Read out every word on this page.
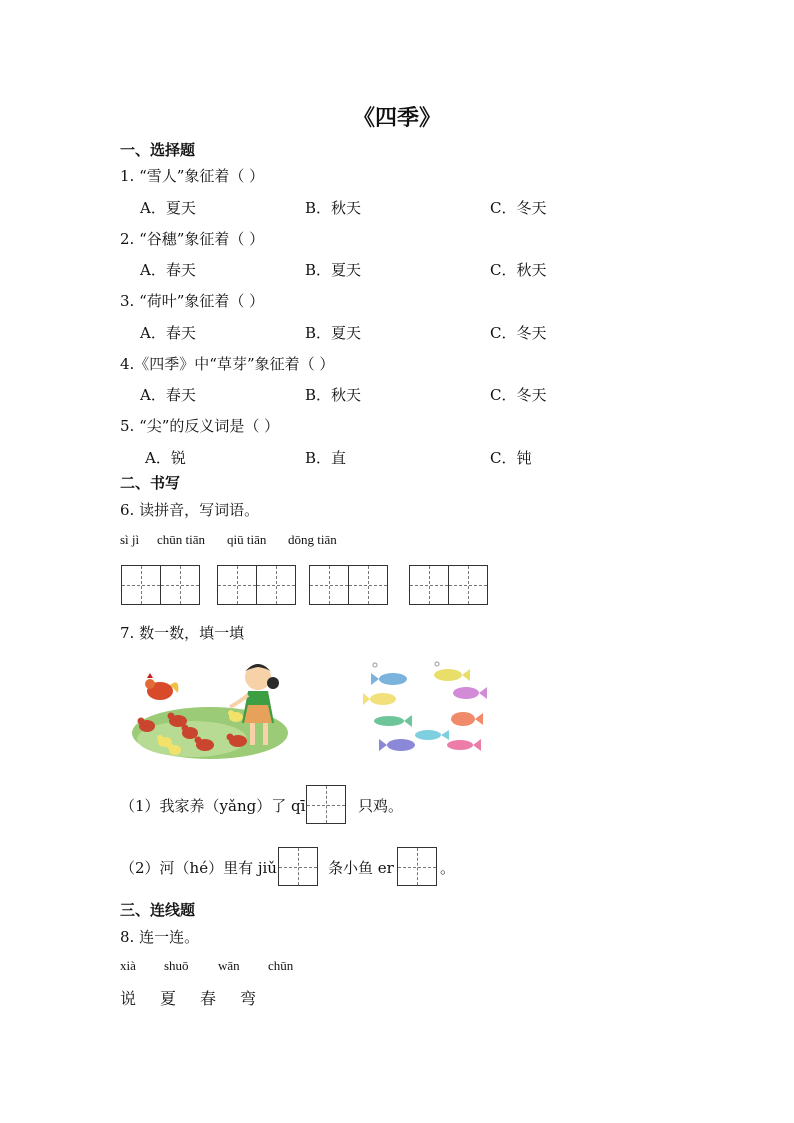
《四季》
一、选择题
1. “雪人”象征着（ ）
A．夏天	B．秋天	C．冬天
2. “谷穗”象征着（ ）
A．春天	B．夏天	C．秋天
3. “荷叶”象征着（ ）
A．春天	B．夏天	C．冬天
4.《四季》中“草芽”象征着（ ）
A．春天	B．秋天	C．冬天
5. “尖”的反义词是（ ）
A．锐	B．直	C．钝
二、书写
6. 读拼音，写词语。
sì jì chūn tiān qiū tiān dōng tiān
7. 数一数，填一填
（1）我家养（yǎng）了 qī	只鸡。
（2）河（hé）里有 jiǔ	条小鱼 er	。
三、连线题
8. 连一连。
xià shuō wān chūn
说 夏 春 弯
